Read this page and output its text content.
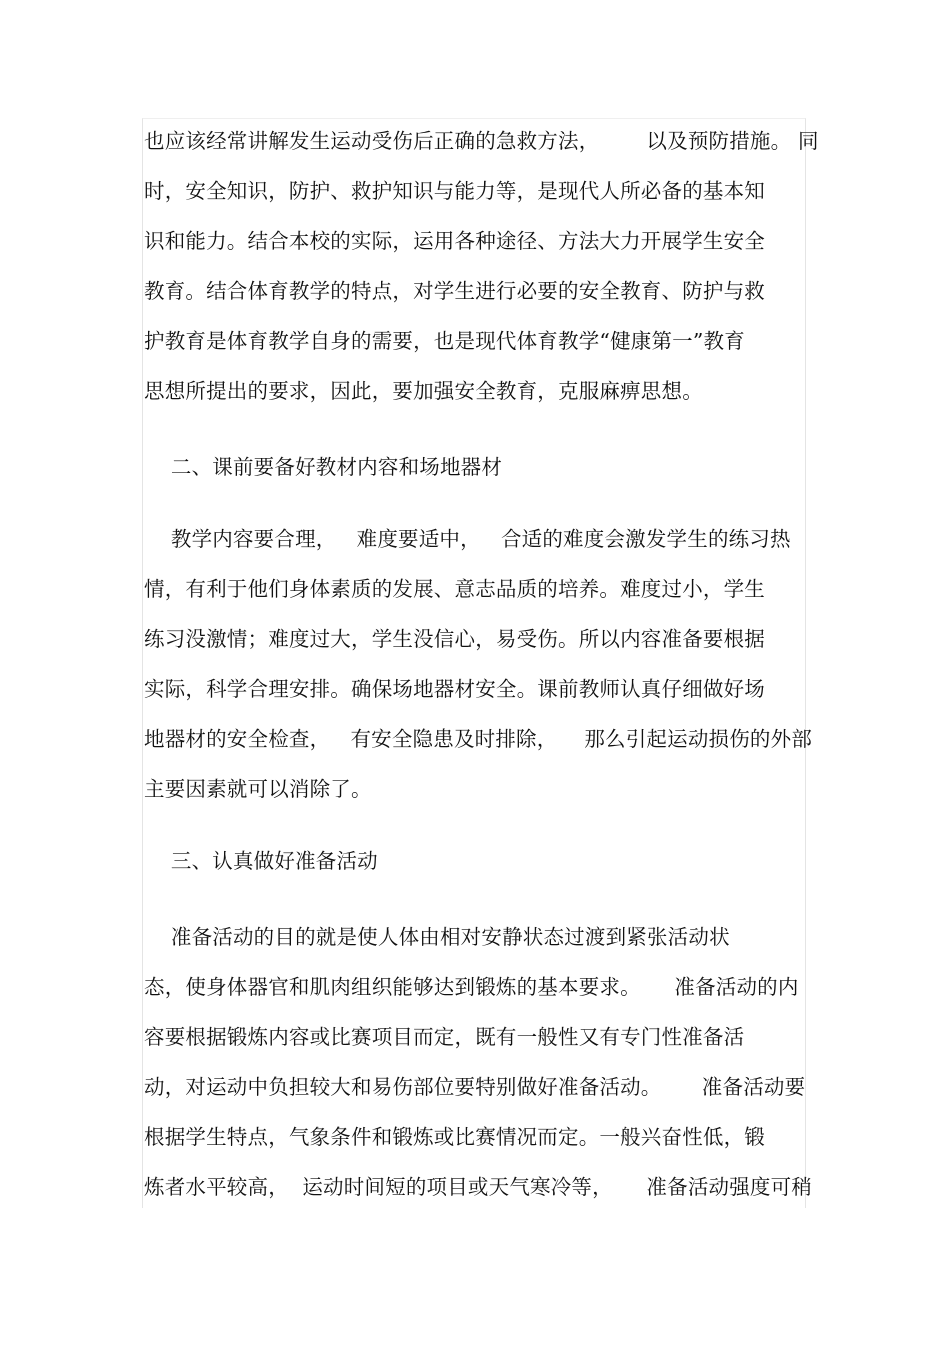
也应该经常讲解发生运动受伤后正确的急救方法，       以及预防措施。 同
时，安全知识，防护、救护知识与能力等，是现代人所必备的基本知
识和能力。结合本校的实际，运用各种途径、方法大力开展学生安全
教育。结合体育教学的特点，对学生进行必要的安全教育、防护与救
护教育是体育教学自身的需要，也是现代体育教学“健康第一”教育
思想所提出的要求，因此，要加强安全教育，克服麻痹思想。
二、课前要备好教材内容和场地器材
教学内容要合理，   难度要适中，   合适的难度会激发学生的练习热
情，有利于他们身体素质的发展、意志品质的培养。难度过小，学生
练习没激情；难度过大，学生没信心，易受伤。所以内容准备要根据
实际，科学合理安排。确保场地器材安全。课前教师认真仔细做好场
地器材的安全检查，   有安全隐患及时排除，    那么引起运动损伤的外部
主要因素就可以消除了。
三、认真做好准备活动
准备活动的目的就是使人体由相对安静状态过渡到紧张活动状
态，使身体器官和肌肉组织能够达到锻炼的基本要求。     准备活动的内
容要根据锻炼内容或比赛项目而定，既有一般性又有专门性准备活
动，对运动中负担较大和易伤部位要特别做好准备活动。      准备活动要
根据学生特点，气象条件和锻炼或比赛情况而定。一般兴奋性低，锻
炼者水平较高，  运动时间短的项目或天气寒冷等，     准备活动强度可稍
